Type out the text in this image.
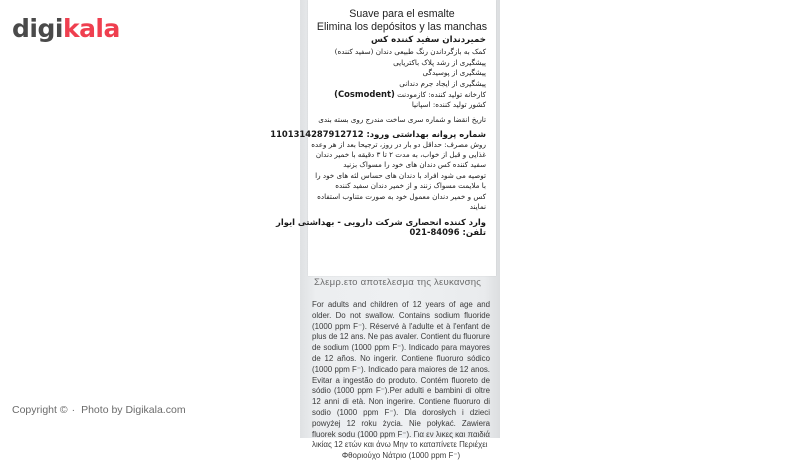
digikala	Suave para el esmalte
Elimina los depósitos y las manchas
خمیردندان سفید کننده کس
کمک به بازگرداندن رنگ طبیعی دندان (سفید کننده)
پیشگیری از رشد پلاک باکتریایی
پیشگیری از پوسیدگی
پیشگیری از ایجاد جرم دندانی
کارخانه تولید کننده: کازمودنت (Cosmodent)
کشور تولید کننده: اسپانیا
تاریخ انقضا و شماره سری ساخت مندرج روی بسته بندی
شماره پروانه بهداشتی ورود: 1101314287912712
روش مصرف: حداقل دو بار در روز، ترجیحا بعد از هر وعده
غذایی و قبل از خواب، به مدت ۲ تا ۳ دقیقه با خمیر دندان
سفید کننده کس دندان های خود را مسواک بزنید
توصیه می شود افراد با دندان های حساس لثه های خود را
با ملایمت مسواک زنند و از خمیر دندان سفید کننده
کس و خمیر دندان معمول خود به صورت متناوب استفاده
نمایند
وارد کننده انحصاری شرکت دارویی - بهداشتی ایوار
تلفن: 84096-021
Σλεμρ.ετο αποτελεσμα της λευκανσης

For adults and children of 12 years of age and older. Do not swallow. Contains sodium fluoride (1000 ppm F⁻). Réservé à l'adulte et à l'enfant de plus de 12 ans. Ne pas avaler. Contient du fluorure de sodium (1000 ppm F⁻). Indicado para mayores de 12 años. No ingerir. Contiene fluoruro sódico (1000 ppm F⁻). Indicado para maiores de 12 anos. Evitar a ingestão do produto. Contém fluoreto de sódio (1000 ppm F⁻).Per adulti e bambini di oltre 12 anni di età. Non ingerire. Contiene fluoruro di sodio (1000 ppm F⁻). Dla dorosłych i dzieci powyżej 12 roku życia. Nie połykać. Zawiera fluorek sodu (1000 ppm F⁻). Για εν λικες και παιδιά λικίας 12 ετών και άνω Μην το καταπίνετε Περιέχει

Φθοριούχο Νάτριο (1000 ppm F⁻)

Copyright © · Photo by Digikala.com
